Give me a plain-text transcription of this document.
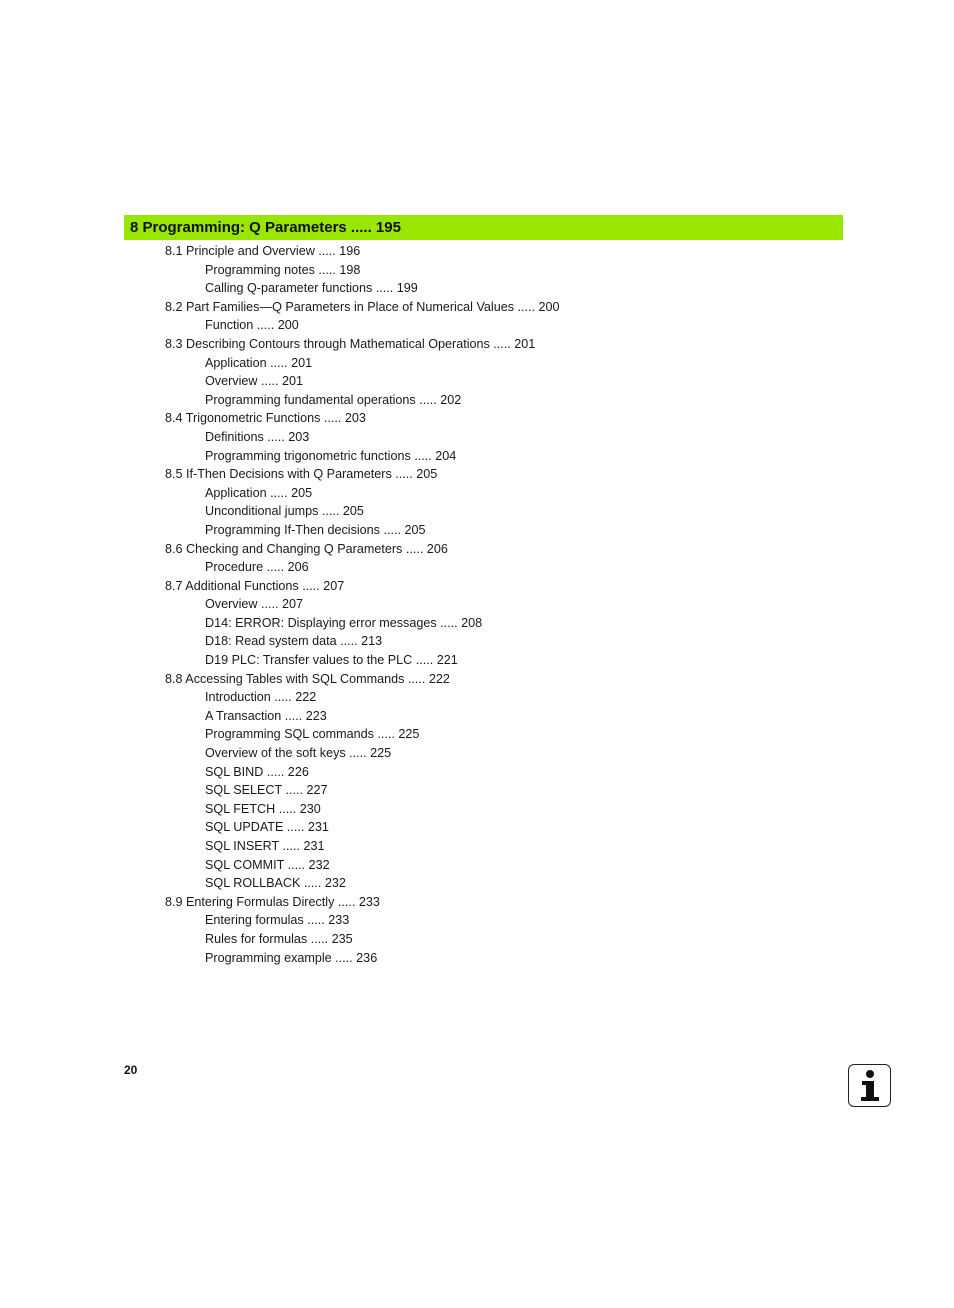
8 Programming: Q Parameters ..... 195
8.1 Principle and Overview ..... 196
Programming notes ..... 198
Calling Q-parameter functions ..... 199
8.2 Part Families—Q Parameters in Place of Numerical Values ..... 200
Function ..... 200
8.3 Describing Contours through Mathematical Operations ..... 201
Application ..... 201
Overview ..... 201
Programming fundamental operations ..... 202
8.4 Trigonometric Functions ..... 203
Definitions ..... 203
Programming trigonometric functions ..... 204
8.5 If-Then Decisions with Q Parameters ..... 205
Application ..... 205
Unconditional jumps ..... 205
Programming If-Then decisions ..... 205
8.6 Checking and Changing Q Parameters ..... 206
Procedure ..... 206
8.7 Additional Functions ..... 207
Overview ..... 207
D14: ERROR: Displaying error messages ..... 208
D18: Read system data ..... 213
D19 PLC: Transfer values to the PLC ..... 221
8.8 Accessing Tables with SQL Commands ..... 222
Introduction ..... 222
A Transaction ..... 223
Programming SQL commands ..... 225
Overview of the soft keys ..... 225
SQL BIND ..... 226
SQL SELECT ..... 227
SQL FETCH ..... 230
SQL UPDATE ..... 231
SQL INSERT ..... 231
SQL COMMIT ..... 232
SQL ROLLBACK ..... 232
8.9 Entering Formulas Directly ..... 233
Entering formulas ..... 233
Rules for formulas ..... 235
Programming example ..... 236
20
